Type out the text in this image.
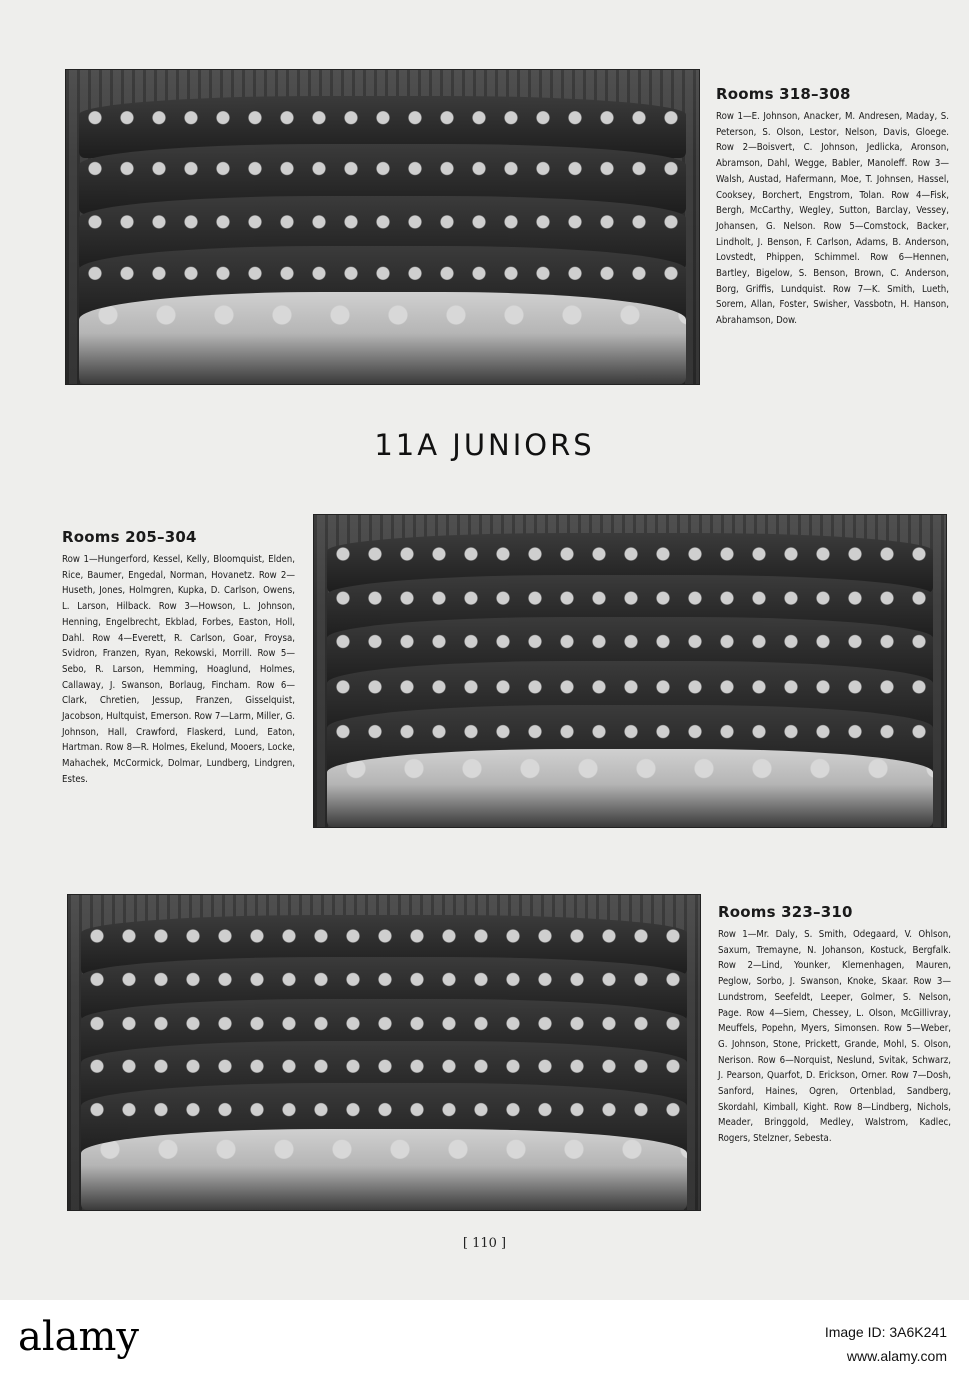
Rooms 318–308

Row 1—E. Johnson, Anacker, M. Andresen, Maday, S. Peterson, S. Olson, Lestor, Nelson, Davis, Gloege. Row 2—Boisvert, C. Johnson, Jedlicka, Aronson, Abramson, Dahl, Wegge, Babler, Manoleff. Row 3—Walsh, Austad, Hafermann, Moe, T. Johnsen, Hassel, Cooksey, Borchert, Engstrom, Tolan. Row 4—Fisk, Bergh, McCarthy, Wegley, Sutton, Barclay, Vessey, Johansen, G. Nelson. Row 5—Comstock, Backer, Lindholt, J. Benson, F. Carlson, Adams, B. Anderson, Lovstedt, Phippen, Schimmel. Row 6—Hennen, Bartley, Bigelow, S. Benson, Brown, C. Anderson, Borg, Griffis, Lundquist. Row 7—K. Smith, Lueth, Sorem, Allan, Foster, Swisher, Vassbotn, H. Hanson, Abrahamson, Dow.

11A JUNIORS
Rooms 205–304

Row 1—Hungerford, Kessel, Kelly, Bloomquist, Elden, Rice, Baumer, Engedal, Norman, Hovanetz. Row 2—Huseth, Jones, Holmgren, Kupka, D. Carlson, Owens, L. Larson, Hilback. Row 3—Howson, L. Johnson, Henning, Engelbrecht, Ekblad, Forbes, Easton, Holl, Dahl. Row 4—Everett, R. Carlson, Goar, Froysa, Svidron, Franzen, Ryan, Rekowski, Morrill. Row 5—Sebo, R. Larson, Hemming, Hoaglund, Holmes, Callaway, J. Swanson, Borlaug, Fincham. Row 6—Clark, Chretien, Jessup, Franzen, Gisselquist, Jacobson, Hultquist, Emerson. Row 7—Larm, Miller, G. Johnson, Hall, Crawford, Flaskerd, Lund, Eaton, Hartman. Row 8—R. Holmes, Ekelund, Mooers, Locke, Mahachek, McCormick, Dolmar, Lundberg, Lindgren, Estes.

Rooms 323–310

Row 1—Mr. Daly, S. Smith, Odegaard, V. Ohlson, Saxum, Tremayne, N. Johanson, Kostuck, Bergfalk. Row 2—Lind, Younker, Klemenhagen, Mauren, Peglow, Sorbo, J. Swanson, Knoke, Skaar. Row 3—Lundstrom, Seefeldt, Leeper, Golmer, S. Nelson, Page. Row 4—Siem, Chessey, L. Olson, McGillivray, Meuffels, Popehn, Myers, Simonsen. Row 5—Weber, G. Johnson, Stone, Prickett, Grande, Mohl, S. Olson, Nerison. Row 6—Norquist, Neslund, Svitak, Schwarz, J. Pearson, Quarfot, D. Erickson, Orner. Row 7—Dosh, Sanford, Haines, Ogren, Ortenblad, Sandberg, Skordahl, Kimball, Kight. Row 8—Lindberg, Nichols, Meader, Bringgold, Medley, Walstrom, Kadlec, Rogers, Stelzner, Sebesta.

[ 110 ]
alamy	Image ID: 3A6K241
www.alamy.com
